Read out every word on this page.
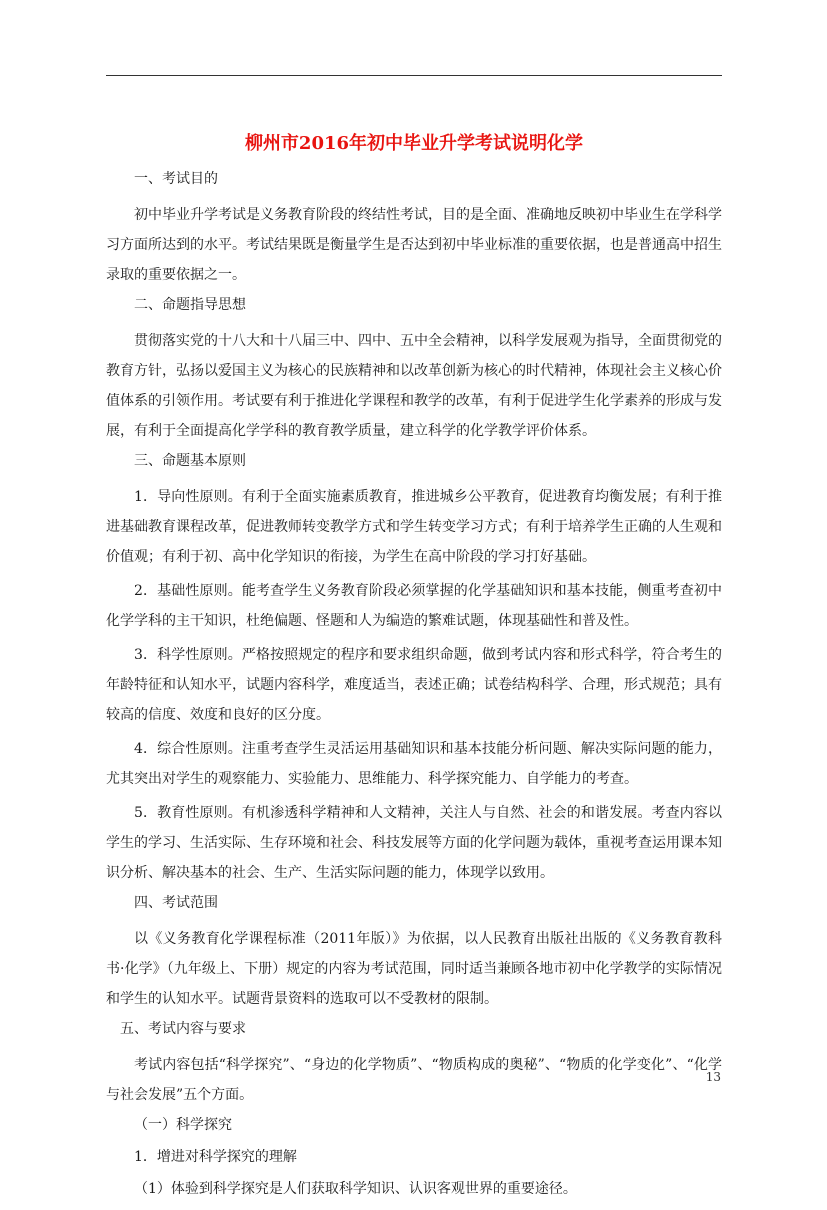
柳州市2016年初中毕业升学考试说明化学
一、考试目的
初中毕业升学考试是义务教育阶段的终结性考试，目的是全面、准确地反映初中毕业生在学科学习方面所达到的水平。考试结果既是衡量学生是否达到初中毕业标准的重要依据，也是普通高中招生录取的重要依据之一。
二、命题指导思想
贯彻落实党的十八大和十八届三中、四中、五中全会精神，以科学发展观为指导，全面贯彻党的教育方针，弘扬以爱国主义为核心的民族精神和以改革创新为核心的时代精神，体现社会主义核心价值体系的引领作用。考试要有利于推进化学课程和教学的改革，有利于促进学生化学素养的形成与发展，有利于全面提高化学学科的教育教学质量，建立科学的化学教学评价体系。
三、命题基本原则
1．导向性原则。有利于全面实施素质教育，推进城乡公平教育，促进教育均衡发展；有利于推进基础教育课程改革，促进教师转变教学方式和学生转变学习方式；有利于培养学生正确的人生观和价值观；有利于初、高中化学知识的衔接，为学生在高中阶段的学习打好基础。
2．基础性原则。能考查学生义务教育阶段必须掌握的化学基础知识和基本技能，侧重考查初中化学学科的主干知识，杜绝偏题、怪题和人为编造的繁难试题，体现基础性和普及性。
3．科学性原则。严格按照规定的程序和要求组织命题，做到考试内容和形式科学，符合考生的年龄特征和认知水平，试题内容科学，难度适当，表述正确；试卷结构科学、合理，形式规范；具有较高的信度、效度和良好的区分度。
4．综合性原则。注重考查学生灵活运用基础知识和基本技能分析问题、解决实际问题的能力，尤其突出对学生的观察能力、实验能力、思维能力、科学探究能力、自学能力的考查。
5．教育性原则。有机渗透科学精神和人文精神，关注人与自然、社会的和谐发展。考查内容以学生的学习、生活实际、生存环境和社会、科技发展等方面的化学问题为载体，重视考查运用课本知识分析、解决基本的社会、生产、生活实际问题的能力，体现学以致用。
四、考试范围
以《义务教育化学课程标准（2011年版）》为依据，以人民教育出版社出版的《义务教育教科书·化学》（九年级上、下册）规定的内容为考试范围，同时适当兼顾各地市初中化学教学的实际情况和学生的认知水平。试题背景资料的选取可以不受教材的限制。
五、考试内容与要求
考试内容包括“科学探究”、“身边的化学物质”、“物质构成的奥秘”、“物质的化学变化”、“化学与社会发展”五个方面。
（一）科学探究
1．增进对科学探究的理解
（1）体验到科学探究是人们获取科学知识、认识客观世界的重要途径。
13
